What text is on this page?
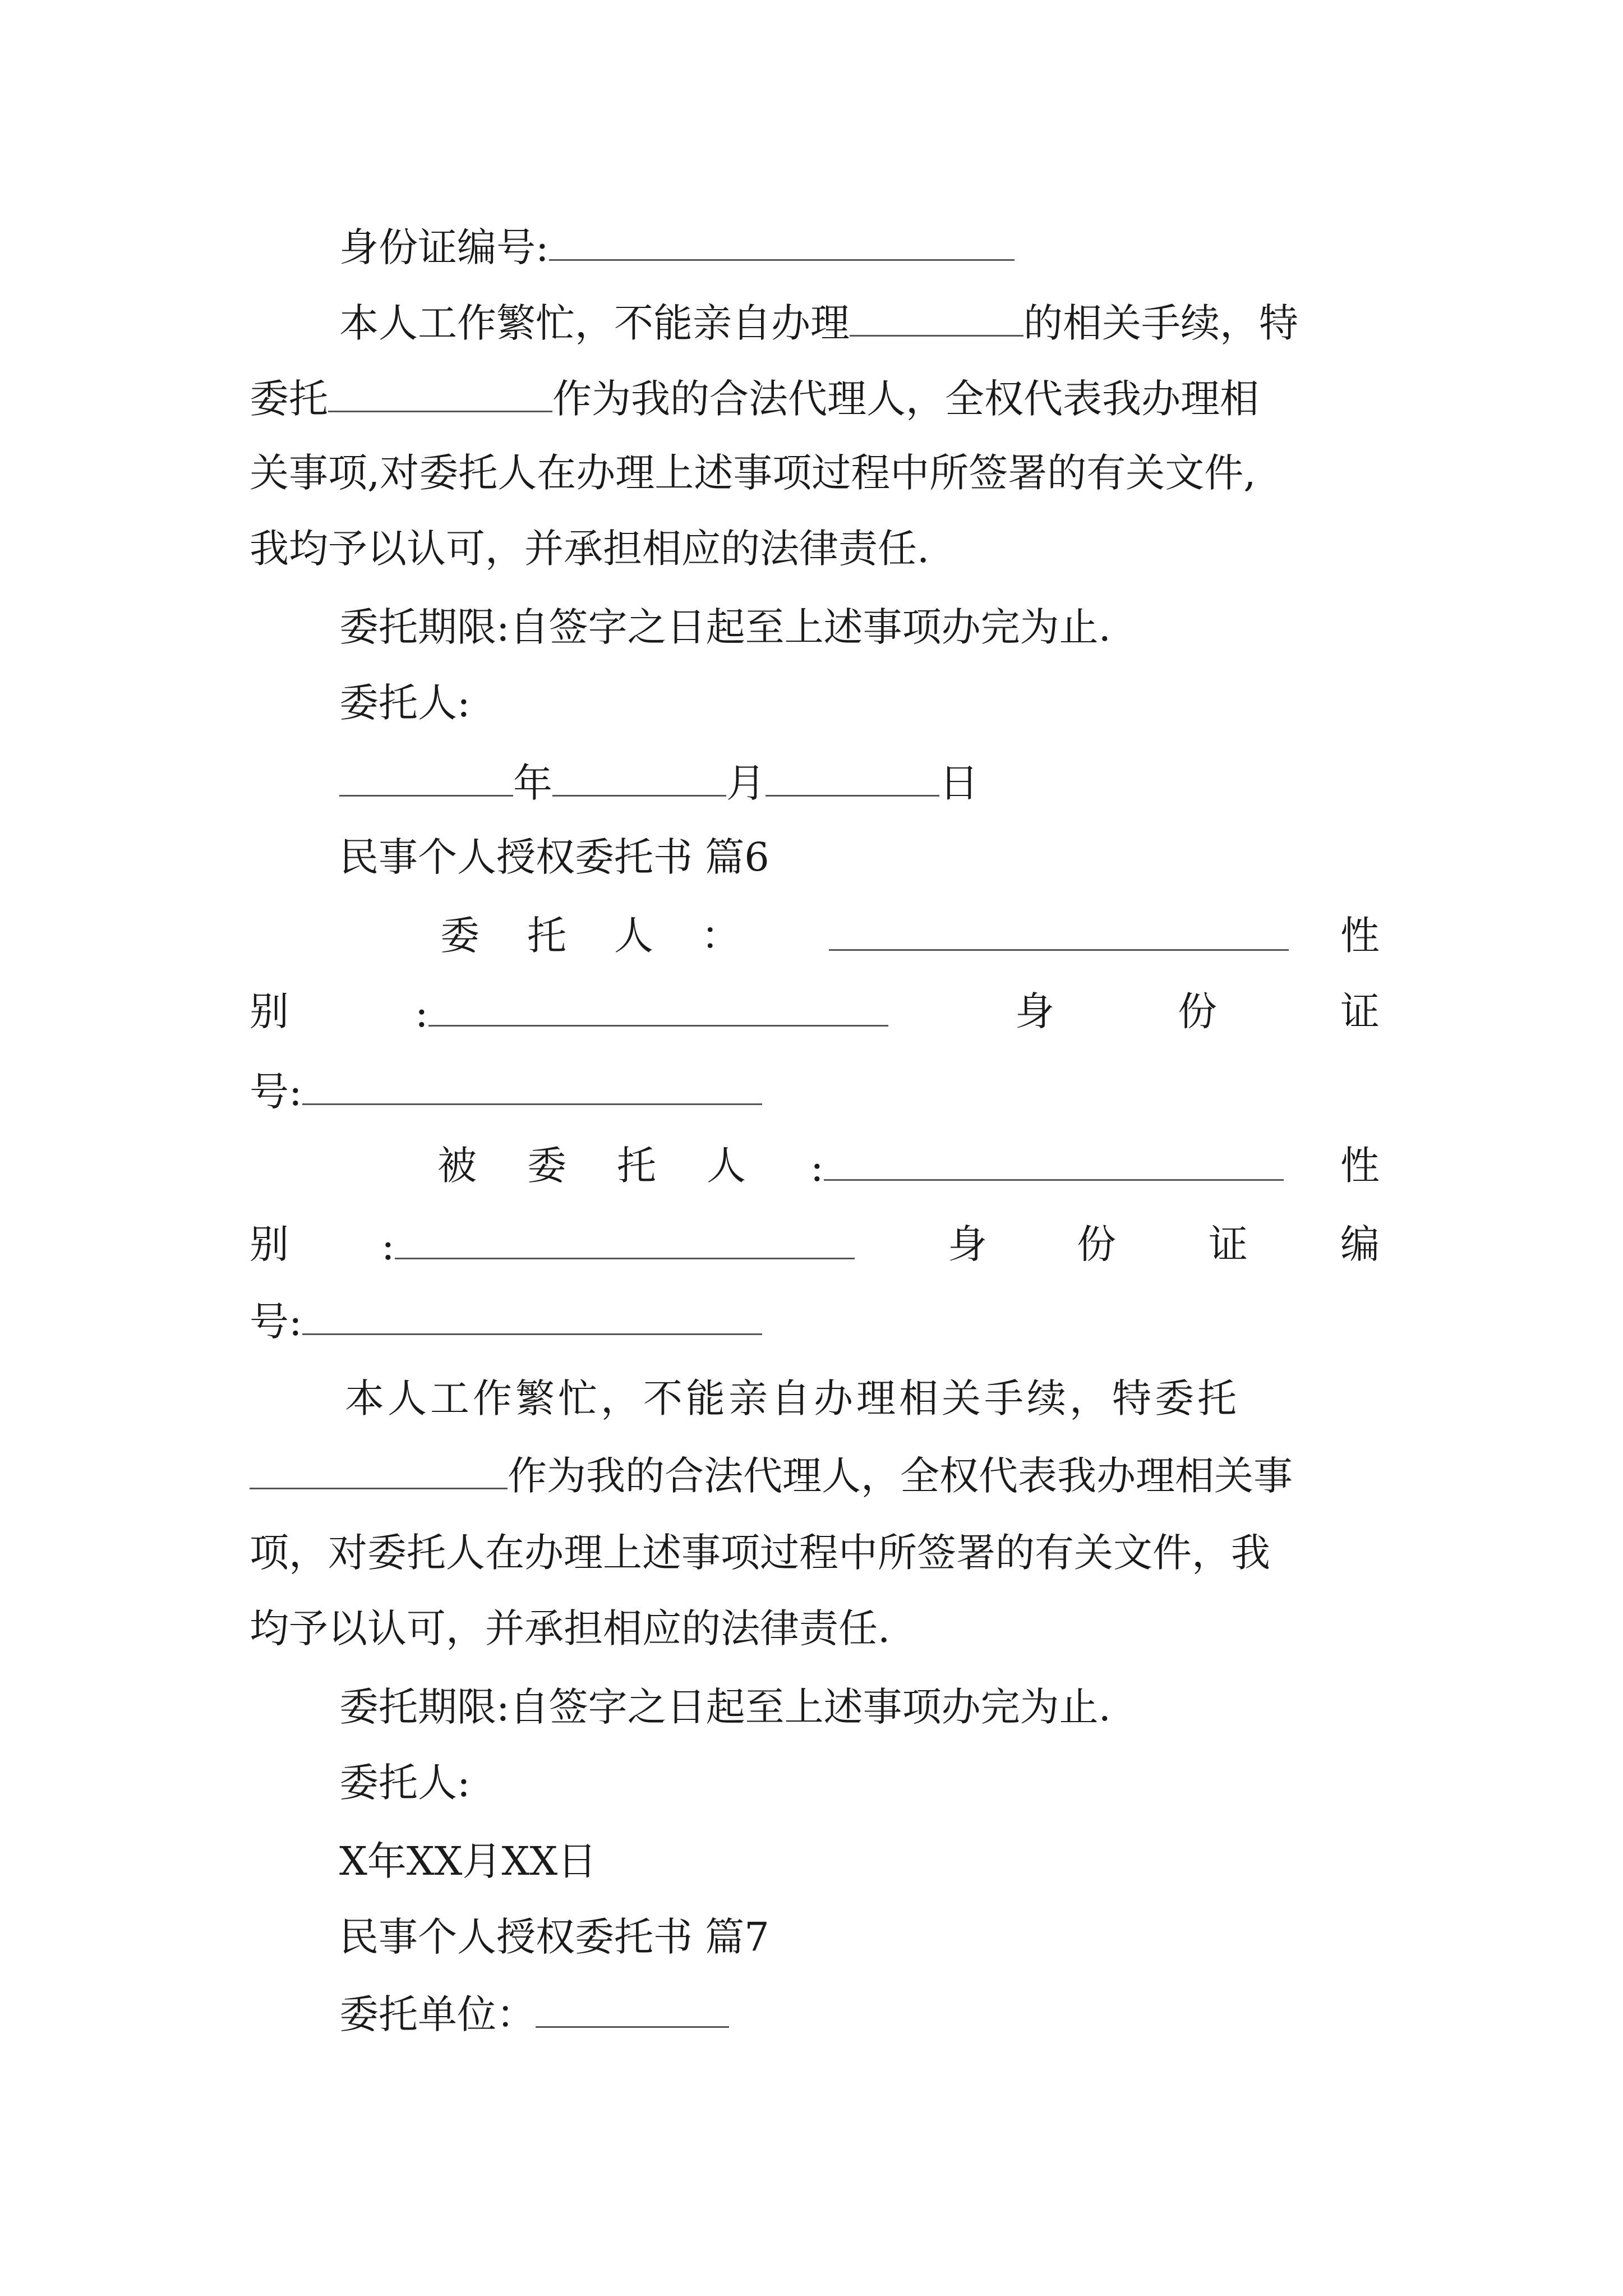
身份证编号:
本人工作繁忙，不能亲自办理	的相关手续，特
委托	作为我的合法代理人，全权代表我办理相
关事项,对委托人在办理上述事项过程中所签署的有关文件,
我均予以认可，并承担相应的法律责任.
委托期限:自签字之日起至上述事项办完为止.
委托人:
年	月	日
民事个人授权委托书 篇6
委 托 人 ：	性
别	:	身	份	证
号:
被 委 托 人 :	性
别 :	身 份 证 编
号:
本人工作繁忙，不能亲自办理相关手续，特委托
作为我的合法代理人，全权代表我办理相关事
项，对委托人在办理上述事项过程中所签署的有关文件，我
均予以认可，并承担相应的法律责任.
委托期限:自签字之日起至上述事项办完为止.
委托人:
X年XX月XX日
民事个人授权委托书 篇7
委托单位：
